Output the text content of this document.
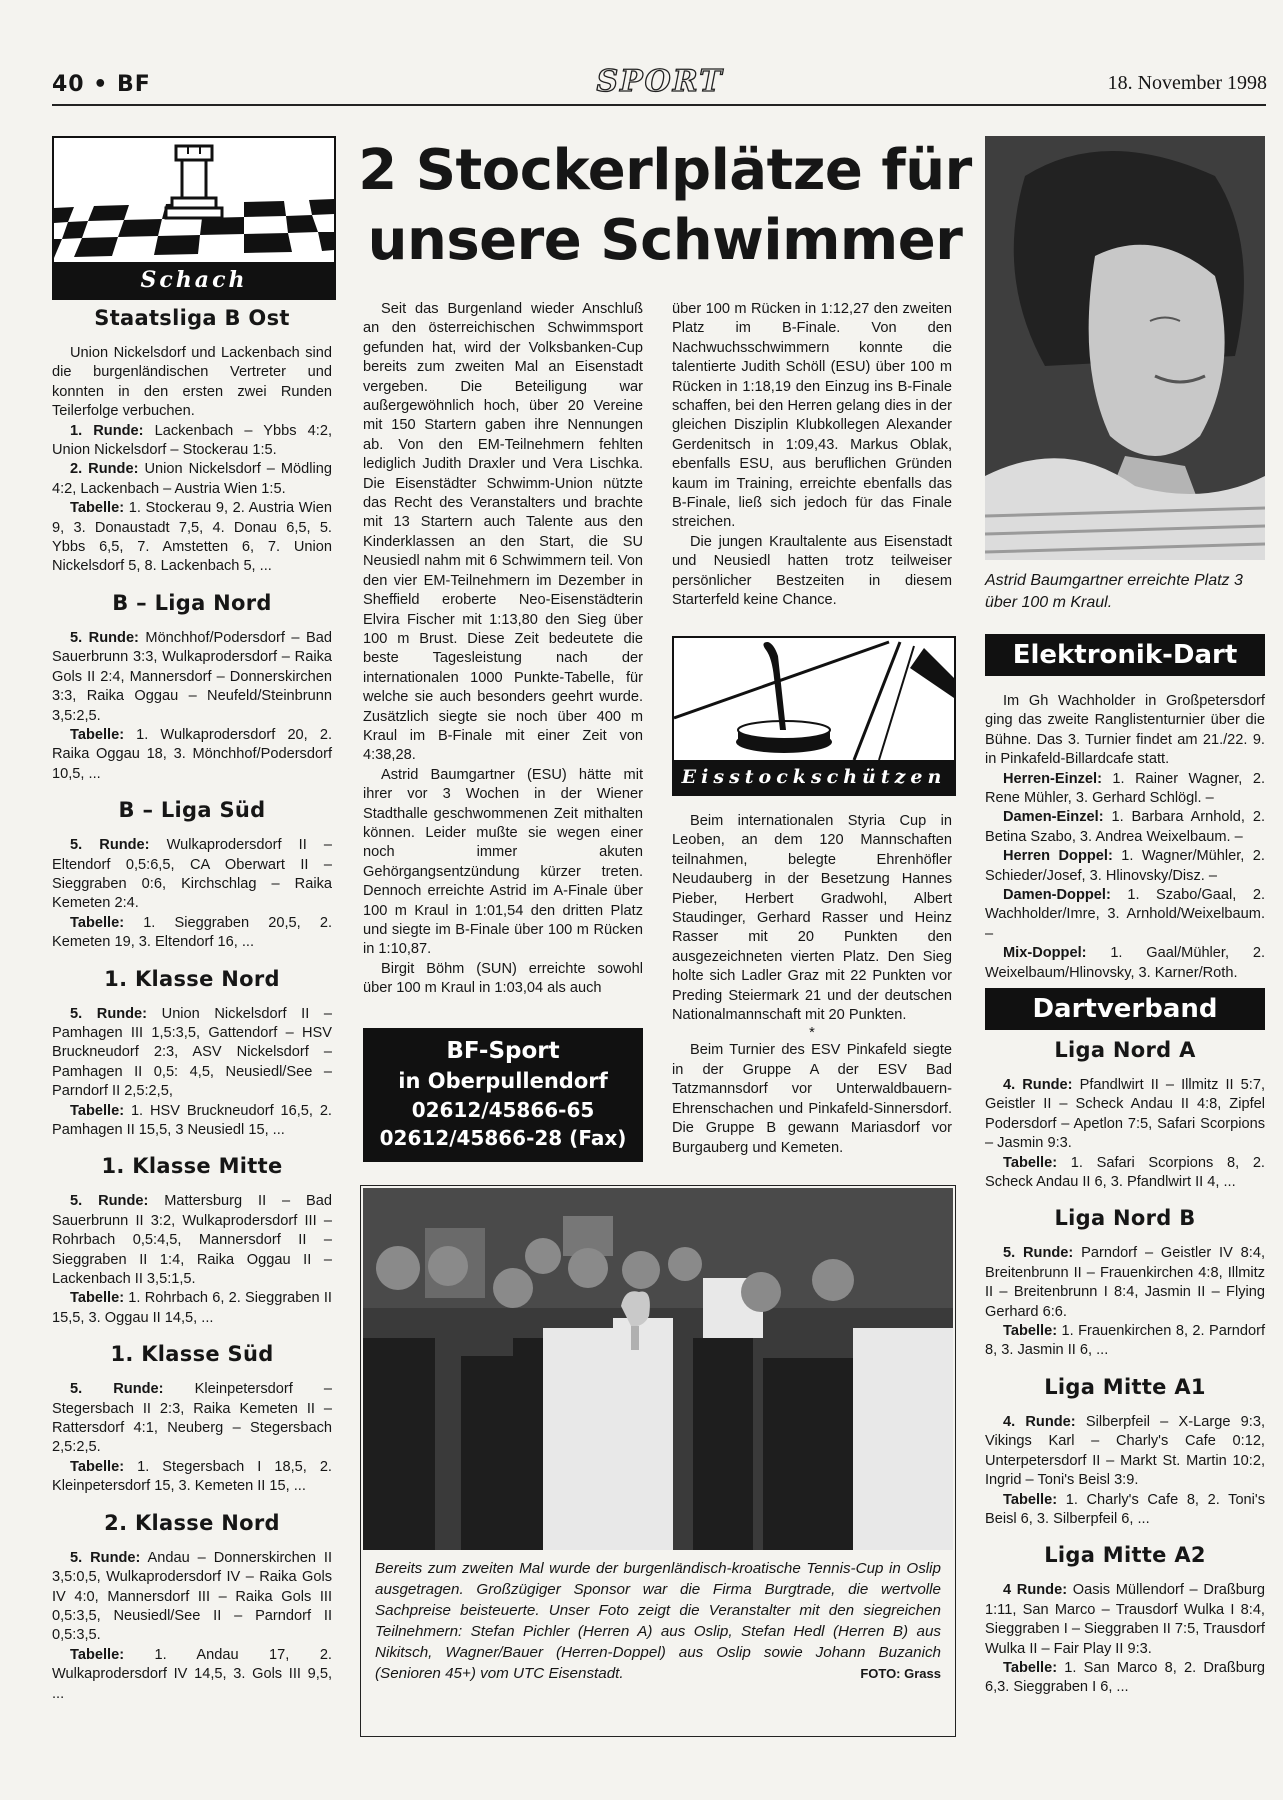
40 • BF	SPORT	18. November 1998
Schach
Staatsliga B Ost

Union Nickelsdorf und Lackenbach sind die burgenländischen Vertreter und konnten in den ersten zwei Runden Teilerfolge verbuchen.

1. Runde: Lackenbach – Ybbs 4:2, Union Nickelsdorf – Stockerau 1:5.

2. Runde: Union Nickelsdorf – Mödling 4:2, Lackenbach – Austria Wien 1:5.

Tabelle: 1. Stockerau 9, 2. Austria Wien 9, 3. Donaustadt 7,5, 4. Donau 6,5, 5. Ybbs 6,5, 7. Amstetten 6, 7. Union Nickelsdorf 5, 8. Lackenbach 5, ...

B – Liga Nord

5. Runde: Mönchhof/Podersdorf – Bad Sauerbrunn 3:3, Wulkaprodersdorf – Raika Gols II 2:4, Mannersdorf – Donnerskirchen 3:3, Raika Oggau – Neufeld/Steinbrunn 3,5:2,5.

Tabelle: 1. Wulkaprodersdorf 20, 2. Raika Oggau 18, 3. Mönchhof/Podersdorf 10,5, ...

B – Liga Süd

5. Runde: Wulkaprodersdorf II – Eltendorf 0,5:6,5, CA Oberwart II – Sieggraben 0:6, Kirchschlag – Raika Kemeten 2:4.

Tabelle: 1. Sieggraben 20,5, 2. Kemeten 19, 3. Eltendorf 16, ...

1. Klasse Nord

5. Runde: Union Nickelsdorf II – Pamhagen III 1,5:3,5, Gattendorf – HSV Bruckneudorf 2:3, ASV Nickelsdorf – Pamhagen II 0,5: 4,5, Neusiedl/See – Parndorf II 2,5:2,5,

Tabelle: 1. HSV Bruckneudorf 16,5, 2. Pamhagen II 15,5, 3 Neusiedl 15, ...

1. Klasse Mitte

5. Runde: Mattersburg II – Bad Sauerbrunn II 3:2, Wulkaprodersdorf III – Rohrbach 0,5:4,5, Mannersdorf II – Sieggraben II 1:4, Raika Oggau II – Lackenbach II 3,5:1,5.

Tabelle: 1. Rohrbach 6, 2. Sieggraben II 15,5, 3. Oggau II 14,5, ...

1. Klasse Süd

5. Runde: Kleinpetersdorf – Stegersbach II 2:3, Raika Kemeten II – Rattersdorf 4:1, Neuberg – Stegersbach 2,5:2,5.

Tabelle: 1. Stegersbach I 18,5, 2. Kleinpetersdorf 15, 3. Kemeten II 15, ...

2. Klasse Nord

5. Runde: Andau – Donnerskirchen II 3,5:0,5, Wulkaprodersdorf IV – Raika Gols IV 4:0, Mannersdorf III – Raika Gols III 0,5:3,5, Neusiedl/See II – Parndorf II 0,5:3,5.

Tabelle: 1. Andau 17, 2. Wulkaprodersdorf IV 14,5, 3. Gols III 9,5, ...

2 Stockerlplätze für unsere Schwimmer

Seit das Burgenland wieder Anschluß an den österreichischen Schwimmsport gefunden hat, wird der Volksbanken-Cup bereits zum zweiten Mal an Eisenstadt vergeben. Die Beteiligung war außergewöhnlich hoch, über 20 Vereine mit 150 Startern gaben ihre Nennungen ab. Von den EM-Teilnehmern fehlten lediglich Judith Draxler und Vera Lischka. Die Eisenstädter Schwimm-Union nützte das Recht des Veranstalters und brachte mit 13 Startern auch Talente aus den Kinderklassen an den Start, die SU Neusiedl nahm mit 6 Schwimmern teil. Von den vier EM-Teilnehmern im Dezember in Sheffield eroberte Neo-Eisenstädterin Elvira Fischer mit 1:13,80 den Sieg über 100 m Brust. Diese Zeit bedeutete die beste Tagesleistung nach der internationalen 1000 Punkte-Tabelle, für welche sie auch besonders geehrt wurde. Zusätzlich siegte sie noch über 400 m Kraul im B-Finale mit einer Zeit von 4:38,28.

Astrid Baumgartner (ESU) hätte mit ihrer vor 3 Wochen in der Wiener Stadthalle geschwommenen Zeit mithalten können. Leider mußte sie wegen einer noch immer akuten Gehörgangsentzündung kürzer treten. Dennoch erreichte Astrid im A-Finale über 100 m Kraul in 1:01,54 den dritten Platz und siegte im B-Finale über 100 m Rücken in 1:10,87.

Birgit Böhm (SUN) erreichte sowohl über 100 m Kraul in 1:03,04 als auch

über 100 m Rücken in 1:12,27 den zweiten Platz im B-Finale. Von den Nachwuchsschwimmern konnte die talentierte Judith Schöll (ESU) über 100 m Rücken in 1:18,19 den Einzug ins B-Finale schaffen, bei den Herren gelang dies in der gleichen Disziplin Klubkollegen Alexander Gerdenitsch in 1:09,43. Markus Oblak, ebenfalls ESU, aus beruflichen Gründen kaum im Training, erreichte ebenfalls das B-Finale, ließ sich jedoch für das Finale streichen.

Die jungen Kraultalente aus Eisenstadt und Neusiedl hatten trotz teilweiser persönlicher Bestzeiten in diesem Starterfeld keine Chance.

Eisstockschützen

Beim internationalen Styria Cup in Leoben, an dem 120 Mannschaften teilnahmen, belegte Ehrenhöfler Neudauberg in der Besetzung Hannes Pieber, Herbert Gradwohl, Albert Staudinger, Gerhard Rasser und Heinz Rasser mit 20 Punkten den ausgezeichneten vierten Platz. Den Sieg holte sich Ladler Graz mit 22 Punkten vor Preding Steiermark 21 und der deutschen Nationalmannschaft mit 20 Punkten.

*

Beim Turnier des ESV Pinkafeld siegte in der Gruppe A der ESV Bad Tatzmannsdorf vor Unterwaldbauern-Ehrenschachen und Pinkafeld-Sinnersdorf. Die Gruppe B gewann Mariasdorf vor Burgauberg und Kemeten.

BF-Sport
in Oberpullendorf
02612/45866-65
02612/45866-28 (Fax)
Bereits zum zweiten Mal wurde der burgenländisch-kroatische Tennis-Cup in Oslip ausgetragen. Großzügiger Sponsor war die Firma Burgtrade, die wertvolle Sachpreise beisteuerte. Unser Foto zeigt die Veranstalter mit den siegreichen Teilnehmern: Stefan Pichler (Herren A) aus Oslip, Stefan Hedl (Herren B) aus Nikitsch, Wagner/Bauer (Herren-Doppel) aus Oslip sowie Johann Buzanich (Senioren 45+) vom UTC Eisenstadt.	FOTO: Grass
Astrid Baumgartner erreichte Platz 3 über 100 m Kraul.
Elektronik-Dart

Im Gh Wachholder in Großpetersdorf ging das zweite Ranglistenturnier über die Bühne. Das 3. Turnier findet am 21./22. 9. in Pinkafeld-Billardcafe statt.

Herren-Einzel: 1. Rainer Wagner, 2. Rene Mühler, 3. Gerhard Schlögl. –

Damen-Einzel: 1. Barbara Arnhold, 2. Betina Szabo, 3. Andrea Weixelbaum. –

Herren Doppel: 1. Wagner/Mühler, 2. Schieder/Josef, 3. Hlinovsky/Disz. –

Damen-Doppel: 1. Szabo/Gaal, 2. Wachholder/Imre, 3. Arnhold/Weixelbaum. –

Mix-Doppel: 1. Gaal/Mühler, 2. Weixelbaum/Hlinovsky, 3. Karner/Roth.

Dartverband
Liga Nord A

4. Runde: Pfandlwirt II – Illmitz II 5:7, Geistler II – Scheck Andau II 4:8, Zipfel Podersdorf – Apetlon 7:5, Safari Scorpions – Jasmin 9:3.

Tabelle: 1. Safari Scorpions 8, 2. Scheck Andau II 6, 3. Pfandlwirt II 4, ...

Liga Nord B

5. Runde: Parndorf – Geistler IV 8:4, Breitenbrunn II – Frauenkirchen 4:8, Illmitz II – Breitenbrunn I 8:4, Jasmin II – Flying Gerhard 6:6.

Tabelle: 1. Frauenkirchen 8, 2. Parndorf 8, 3. Jasmin II 6, ...

Liga Mitte A1

4. Runde: Silberpfeil – X-Large 9:3, Vikings Karl – Charly's Cafe 0:12, Unterpetersdorf II – Markt St. Martin 10:2, Ingrid – Toni's Beisl 3:9.

Tabelle: 1. Charly's Cafe 8, 2. Toni's Beisl 6, 3. Silberpfeil 6, ...

Liga Mitte A2

4 Runde: Oasis Müllendorf – Draßburg 1:11, San Marco – Trausdorf Wulka I 8:4, Sieggraben I – Sieggraben II 7:5, Trausdorf Wulka II – Fair Play II 9:3.

Tabelle: 1. San Marco 8, 2. Draßburg 6,3. Sieggraben I 6, ...
